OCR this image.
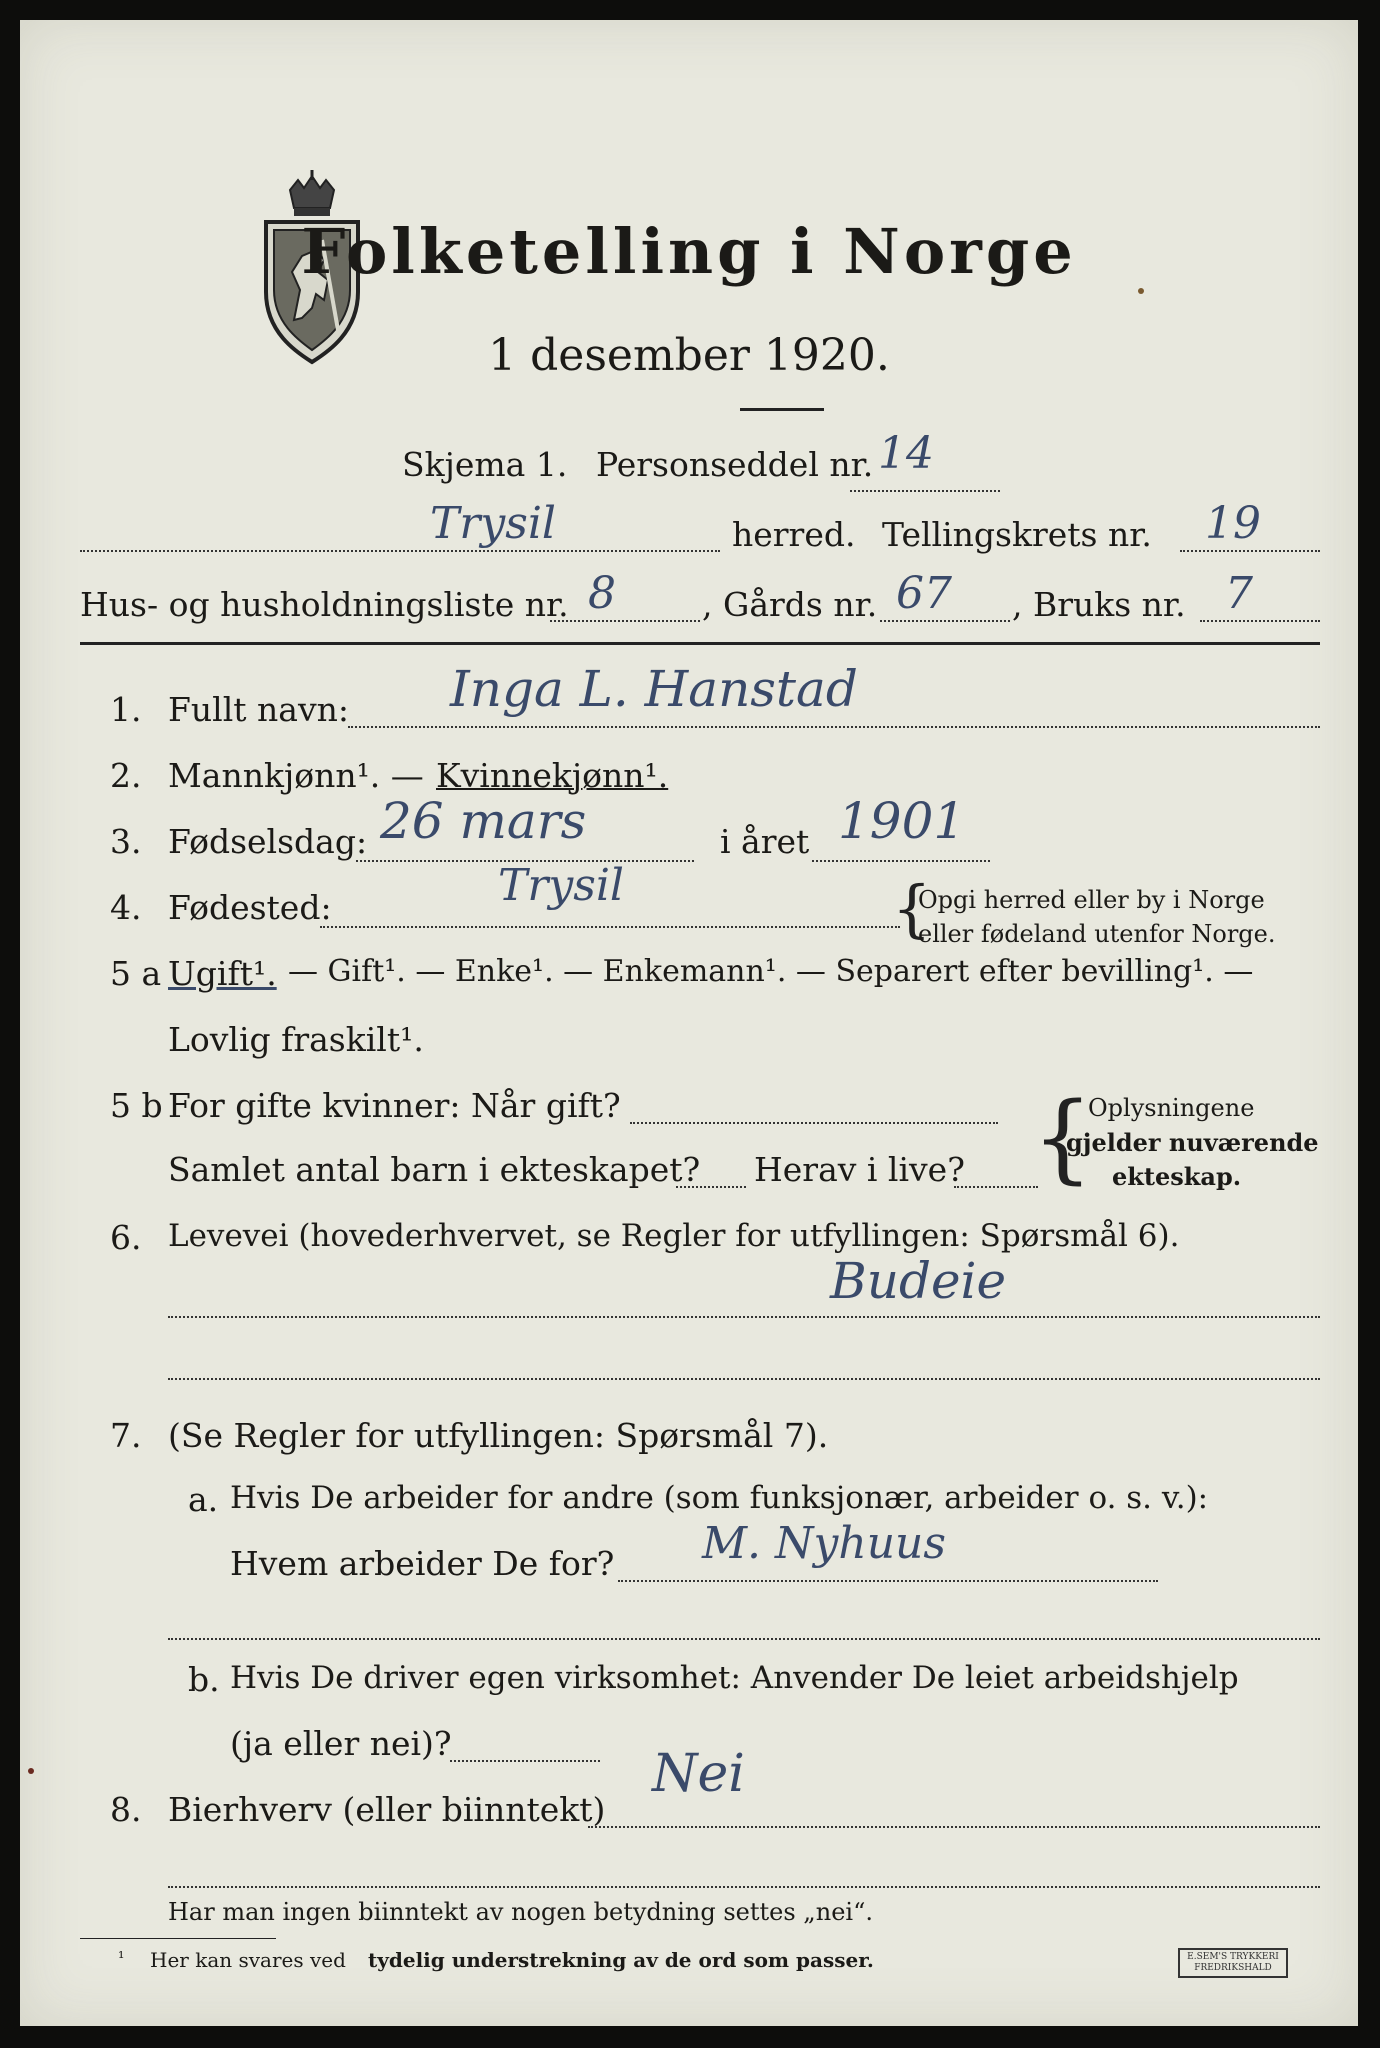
Folketelling i Norge
1 desember 1920.
Skjema 1. Personseddel nr. 14
Trysil	herred. Tellingskrets nr. 19
Hus- og husholdningsliste nr. 8	, Gårds nr. 67 , Bruks nr. 7
1. Fullt navn: Inga L. Hanstad
2. Mannkjønn¹. — Kvinnekjønn¹.
3. Fødselsdag: 26 mars	i året 1901
4. Fødested:	Trysil	{
Opgi herred eller by i Norge
eller fødeland utenfor Norge.
5 a Ugift¹. — Gift¹. — Enke¹. — Enkemann¹. — Separert efter bevilling¹. —
Lovlig fraskilt¹.
5 b For gifte kvinner: Når gift?
Samlet antal barn i ekteskapet? Herav i live? {
Oplysningene
gjelder nuværende
ekteskap.
6. Levevei (hovederhvervet, se Regler for utfyllingen: Spørsmål 6).
Budeie
7. (Se Regler for utfyllingen: Spørsmål 7).
a. Hvis De arbeider for andre (som funksjonær, arbeider o. s. v.):
Hvem arbeider De for? M. Nyhuus
b. Hvis De driver egen virksomhet: Anvender De leiet arbeidshjelp
(ja eller nei)?
8. Bierhverv (eller biinntekt)
Nei
Har man ingen biinntekt av nogen betydning settes „nei“.
¹ Her kan svares ved tydelig understrekning av de ord som passer.	E.SEM'S TRYKKERI
FREDRIKSHALD
